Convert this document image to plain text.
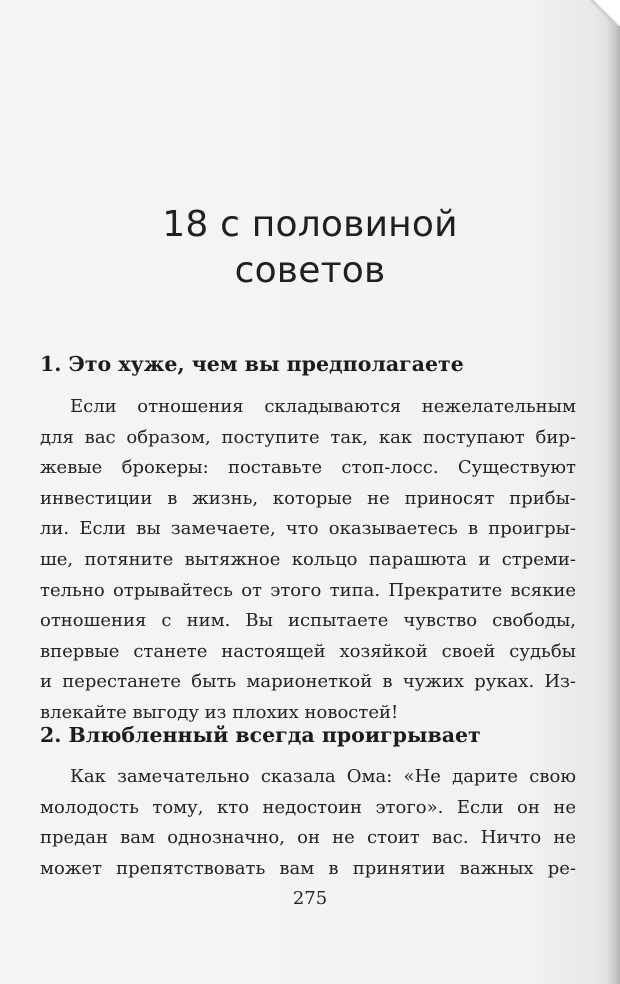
18 с половиной
советов
1. Это хуже, чем вы предполагаете
Если отношения складываются нежелательным
для вас образом, поступите так, как поступают бир-
жевые брокеры: поставьте стоп-лосс. Существуют
инвестиции в жизнь, которые не приносят прибы-
ли. Если вы замечаете, что оказываетесь в проигры-
ше, потяните вытяжное кольцо парашюта и стреми-
тельно отрывайтесь от этого типа. Прекратите всякие
отношения с ним. Вы испытаете чувство свободы,
впервые станете настоящей хозяйкой своей судьбы
и перестанете быть марионеткой в чужих руках. Из-
влекайте выгоду из плохих новостей!
2. Влюбленный всегда проигрывает
Как замечательно сказала Ома: «Не дарите свою
молодость тому, кто недостоин этого». Если он не
предан вам однозначно, он не стоит вас. Ничто не
может препятствовать вам в принятии важных ре-
275
